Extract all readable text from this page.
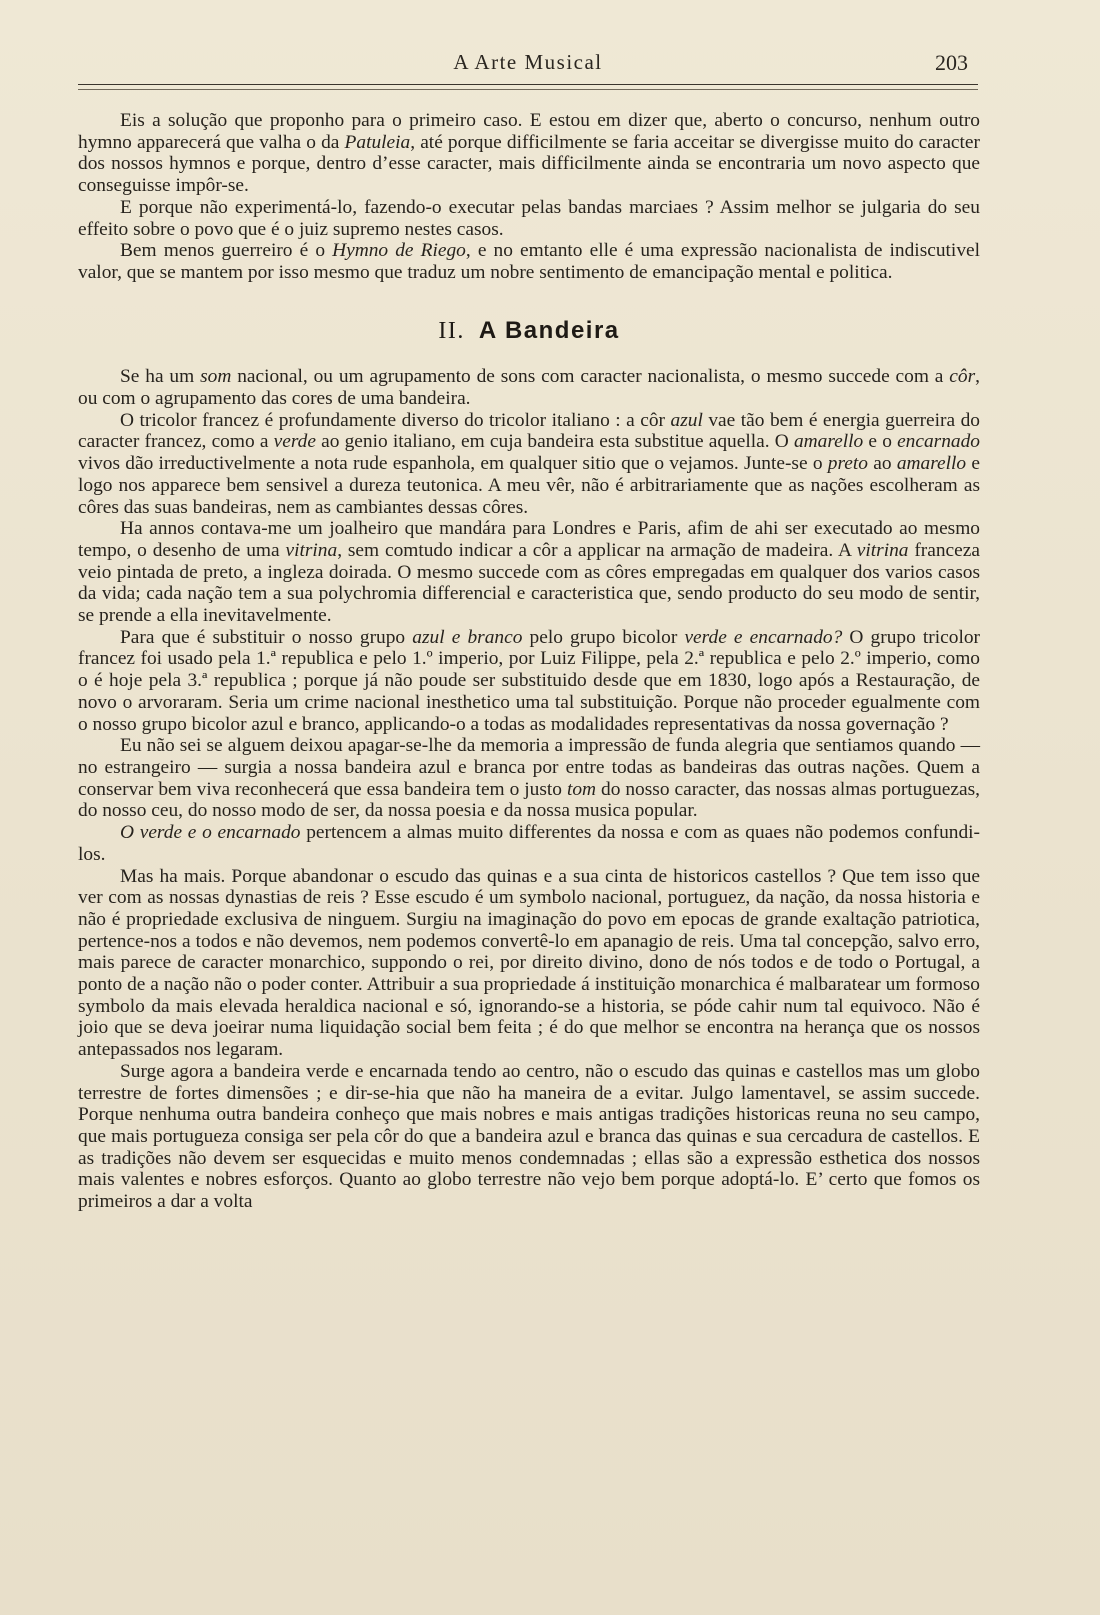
A Arte Musical	203

Eis a solução que proponho para o primeiro caso. E estou em dizer que, aberto o concurso, nenhum outro hymno apparecerá que valha o da Patuleia, até porque difficilmente se faria acceitar se divergisse muito do caracter dos nossos hymnos e porque, dentro d’esse caracter, mais difficilmente ainda se encontraria um novo aspecto que conseguisse impôr-se.

E porque não experimentá-lo, fazendo-o executar pelas bandas marciaes ? Assim melhor se julgaria do seu effeito sobre o povo que é o juiz supremo nestes casos.

Bem menos guerreiro é o Hymno de Riego, e no emtanto elle é uma expressão nacionalista de indiscutivel valor, que se mantem por isso mesmo que traduz um nobre sentimento de emancipação mental e politica.

II. A Bandeira

Se ha um som nacional, ou um agrupamento de sons com caracter nacionalista, o mesmo succede com a côr, ou com o agrupamento das cores de uma bandeira.

O tricolor francez é profundamente diverso do tricolor italiano : a côr azul vae tão bem é energia guerreira do caracter francez, como a verde ao genio italiano, em cuja bandeira esta substitue aquella. O amarello e o encarnado vivos dão irreductivelmente a nota rude espanhola, em qualquer sitio que o vejamos. Junte-se o preto ao amarello e logo nos apparece bem sensivel a dureza teutonica. A meu vêr, não é arbitrariamente que as nações escolheram as côres das suas bandeiras, nem as cambiantes dessas côres.

Ha annos contava-me um joalheiro que mandára para Londres e Paris, afim de ahi ser executado ao mesmo tempo, o desenho de uma vitrina, sem comtudo indicar a côr a applicar na armação de madeira. A vitrina franceza veio pintada de preto, a ingleza doirada. O mesmo succede com as côres empregadas em qualquer dos varios casos da vida; cada nação tem a sua polychromia differencial e caracteristica que, sendo producto do seu modo de sentir, se prende a ella inevitavelmente.

Para que é substituir o nosso grupo azul e branco pelo grupo bicolor verde e encarnado? O grupo tricolor francez foi usado pela 1.ª republica e pelo 1.º imperio, por Luiz Filippe, pela 2.ª republica e pelo 2.º imperio, como o é hoje pela 3.ª republica ; porque já não poude ser substituido desde que em 1830, logo após a Restauração, de novo o arvoraram. Seria um crime nacional inesthetico uma tal substituição. Porque não proceder egualmente com o nosso grupo bicolor azul e branco, applicando-o a todas as modalidades representativas da nossa governação ?

Eu não sei se alguem deixou apagar-se-lhe da memoria a impressão de funda alegria que sentiamos quando — no estrangeiro — surgia a nossa bandeira azul e branca por entre todas as bandeiras das outras nações. Quem a conservar bem viva reconhecerá que essa bandeira tem o justo tom do nosso caracter, das nossas almas portuguezas, do nosso ceu, do nosso modo de ser, da nossa poesia e da nossa musica popular.

O verde e o encarnado pertencem a almas muito differentes da nossa e com as quaes não podemos confundi-los.

Mas ha mais. Porque abandonar o escudo das quinas e a sua cinta de historicos castellos ? Que tem isso que ver com as nossas dynastias de reis ? Esse escudo é um symbolo nacional, portuguez, da nação, da nossa historia e não é propriedade exclusiva de ninguem. Surgiu na imaginação do povo em epocas de grande exaltação patriotica, pertence-nos a todos e não devemos, nem podemos convertê-lo em apanagio de reis. Uma tal concepção, salvo erro, mais parece de caracter monarchico, suppondo o rei, por direito divino, dono de nós todos e de todo o Portugal, a ponto de a nação não o poder conter. Attribuir a sua propriedade á instituição monarchica é malbaratear um formoso symbolo da mais elevada heraldica nacional e só, ignorando-se a historia, se póde cahir num tal equivoco. Não é joio que se deva joeirar numa liquidação social bem feita ; é do que melhor se encontra na herança que os nossos antepassados nos legaram.

Surge agora a bandeira verde e encarnada tendo ao centro, não o escudo das quinas e castellos mas um globo terrestre de fortes dimensões ; e dir-se-hia que não ha maneira de a evitar. Julgo lamentavel, se assim succede. Porque nenhuma outra bandeira conheço que mais nobres e mais antigas tradições historicas reuna no seu campo, que mais portugueza consiga ser pela côr do que a bandeira azul e branca das quinas e sua cercadura de castellos. E as tradições não devem ser esquecidas e muito menos condemnadas ; ellas são a expressão esthetica dos nossos mais valentes e nobres esforços. Quanto ao globo terrestre não vejo bem porque adoptá-lo. E’ certo que fomos os primeiros a dar a volta
